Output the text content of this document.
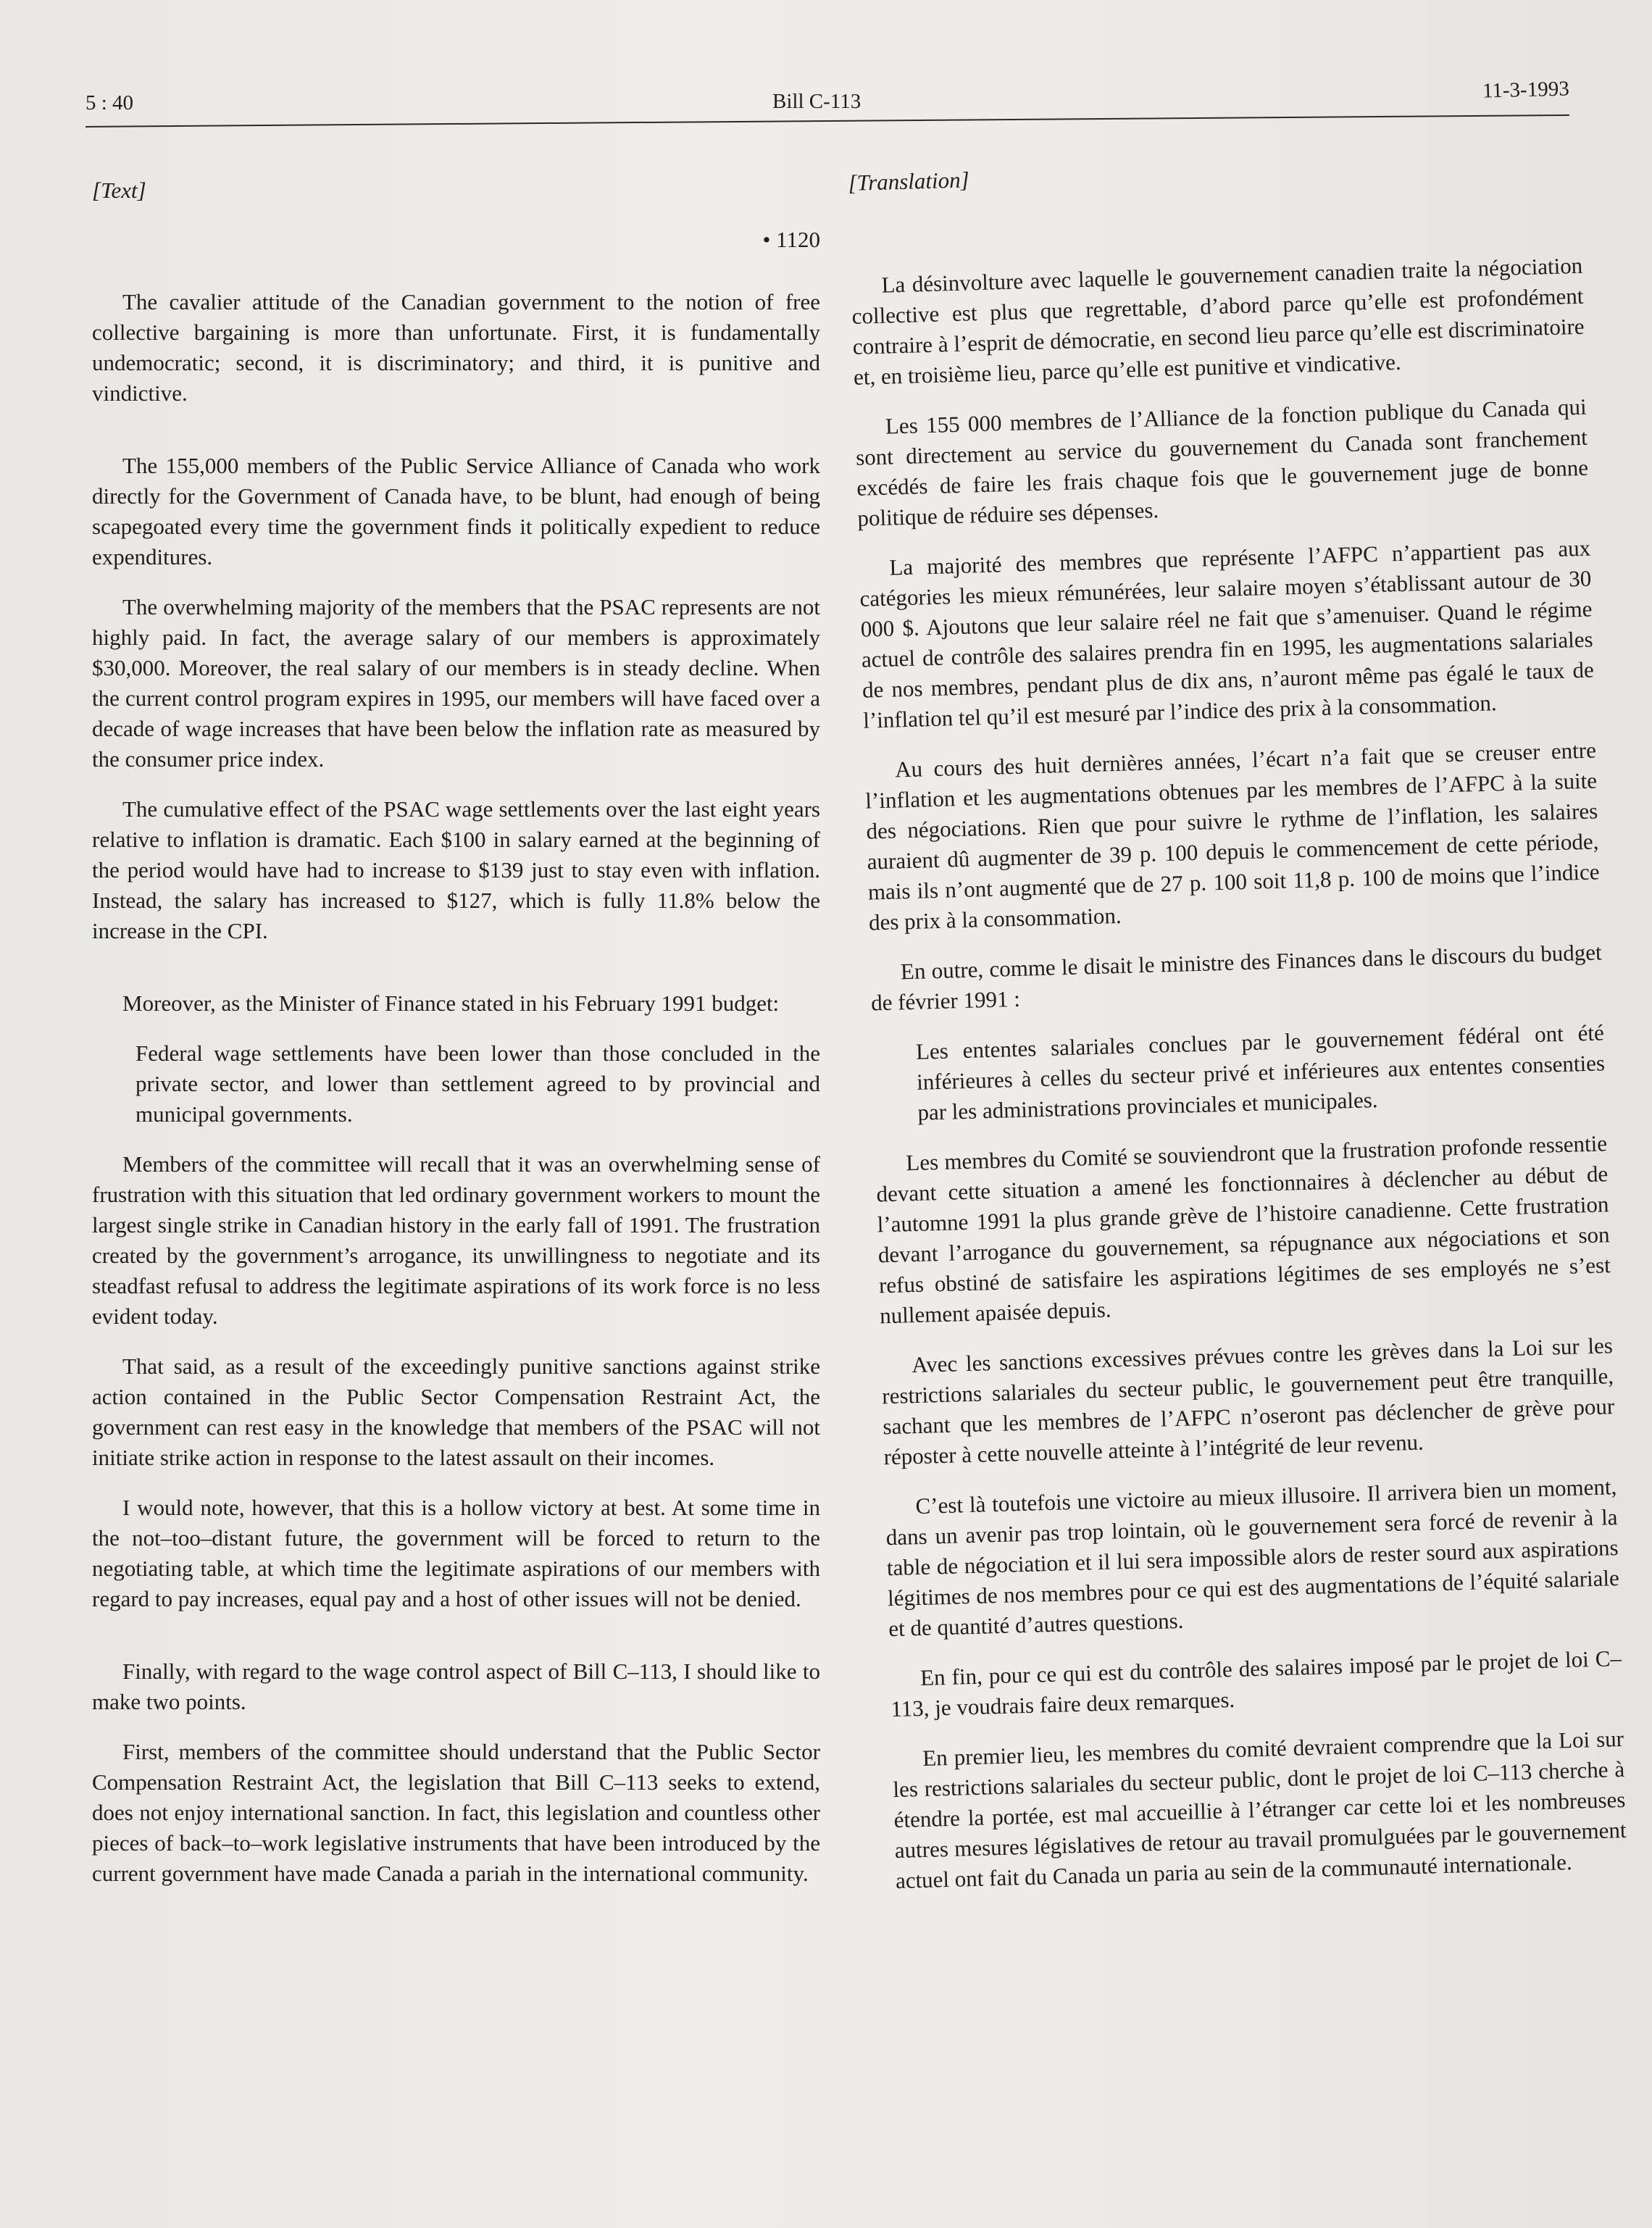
5 : 40	Bill C-113	11-3-1993
[Text]
• 1120

The cavalier attitude of the Canadian government to the notion of free collective bargaining is more than unfortunate. First, it is fundamentally undemocratic; second, it is discriminatory; and third, it is punitive and vindictive.

The 155,000 members of the Public Service Alliance of Canada who work directly for the Government of Canada have, to be blunt, had enough of being scapegoated every time the government finds it politically expedient to reduce expenditures.

The overwhelming majority of the members that the PSAC represents are not highly paid. In fact, the average salary of our members is approximately $30,000. Moreover, the real salary of our members is in steady decline. When the current control program expires in 1995, our members will have faced over a decade of wage increases that have been below the inflation rate as measured by the consumer price index.

The cumulative effect of the PSAC wage settlements over the last eight years relative to inflation is dramatic. Each $100 in salary earned at the beginning of the period would have had to increase to $139 just to stay even with inflation. Instead, the salary has increased to $127, which is fully 11.8% below the increase in the CPI.

Moreover, as the Minister of Finance stated in his February 1991 budget:

Federal wage settlements have been lower than those concluded in the private sector, and lower than settlement agreed to by provincial and municipal governments.

Members of the committee will recall that it was an overwhelming sense of frustration with this situation that led ordinary government workers to mount the largest single strike in Canadian history in the early fall of 1991. The frustration created by the government’s arrogance, its unwillingness to negotiate and its steadfast refusal to address the legitimate aspirations of its work force is no less evident today.

That said, as a result of the exceedingly punitive sanctions against strike action contained in the Public Sector Compensation Restraint Act, the government can rest easy in the knowledge that members of the PSAC will not initiate strike action in response to the latest assault on their incomes.

I would note, however, that this is a hollow victory at best. At some time in the not–too–distant future, the government will be forced to return to the negotiating table, at which time the legitimate aspirations of our members with regard to pay increases, equal pay and a host of other issues will not be denied.

Finally, with regard to the wage control aspect of Bill C–113, I should like to make two points.

First, members of the committee should understand that the Public Sector Compensation Restraint Act, the legislation that Bill C–113 seeks to extend, does not enjoy international sanction. In fact, this legislation and countless other pieces of back–to–work legislative instruments that have been introduced by the current government have made Canada a pariah in the international community.

[Translation]

La désinvolture avec laquelle le gouvernement canadien traite la négociation collective est plus que regrettable, d’abord parce qu’elle est profondément contraire à l’esprit de démocratie, en second lieu parce qu’elle est discriminatoire et, en troisième lieu, parce qu’elle est punitive et vindicative.

Les 155 000 membres de l’Alliance de la fonction publique du Canada qui sont directement au service du gouvernement du Canada sont franchement excédés de faire les frais chaque fois que le gouvernement juge de bonne politique de réduire ses dépenses.

La majorité des membres que représente l’AFPC n’appartient pas aux catégories les mieux rémunérées, leur salaire moyen s’établissant autour de 30 000 $. Ajoutons que leur salaire réel ne fait que s’amenuiser. Quand le régime actuel de contrôle des salaires prendra fin en 1995, les augmentations salariales de nos membres, pendant plus de dix ans, n’auront même pas égalé le taux de l’inflation tel qu’il est mesuré par l’indice des prix à la consommation.

Au cours des huit dernières années, l’écart n’a fait que se creuser entre l’inflation et les augmentations obtenues par les membres de l’AFPC à la suite des négociations. Rien que pour suivre le rythme de l’inflation, les salaires auraient dû augmenter de 39 p. 100 depuis le commencement de cette période, mais ils n’ont augmenté que de 27 p. 100 soit 11,8 p. 100 de moins que l’indice des prix à la consommation.

En outre, comme le disait le ministre des Finances dans le discours du budget de février 1991 :

Les ententes salariales conclues par le gouvernement fédéral ont été inférieures à celles du secteur privé et inférieures aux ententes consenties par les administrations provinciales et municipales.

Les membres du Comité se souviendront que la frustration profonde ressentie devant cette situation a amené les fonctionnaires à déclencher au début de l’automne 1991 la plus grande grève de l’histoire canadienne. Cette frustration devant l’arrogance du gouvernement, sa répugnance aux négociations et son refus obstiné de satisfaire les aspirations légitimes de ses employés ne s’est nullement apaisée depuis.

Avec les sanctions excessives prévues contre les grèves dans la Loi sur les restrictions salariales du secteur public, le gouvernement peut être tranquille, sachant que les membres de l’AFPC n’oseront pas déclencher de grève pour réposter à cette nouvelle atteinte à l’intégrité de leur revenu.

C’est là toutefois une victoire au mieux illusoire. Il arrivera bien un moment, dans un avenir pas trop lointain, où le gouvernement sera forcé de revenir à la table de négociation et il lui sera impossible alors de rester sourd aux aspirations légitimes de nos membres pour ce qui est des augmentations de l’équité salariale et de quantité d’autres questions.

En fin, pour ce qui est du contrôle des salaires imposé par le projet de loi C–113, je voudrais faire deux remarques.

En premier lieu, les membres du comité devraient comprendre que la Loi sur les restrictions salariales du secteur public, dont le projet de loi C–113 cherche à étendre la portée, est mal accueillie à l’étranger car cette loi et les nombreuses autres mesures législatives de retour au travail promulguées par le gouvernement actuel ont fait du Canada un paria au sein de la communauté internationale.
